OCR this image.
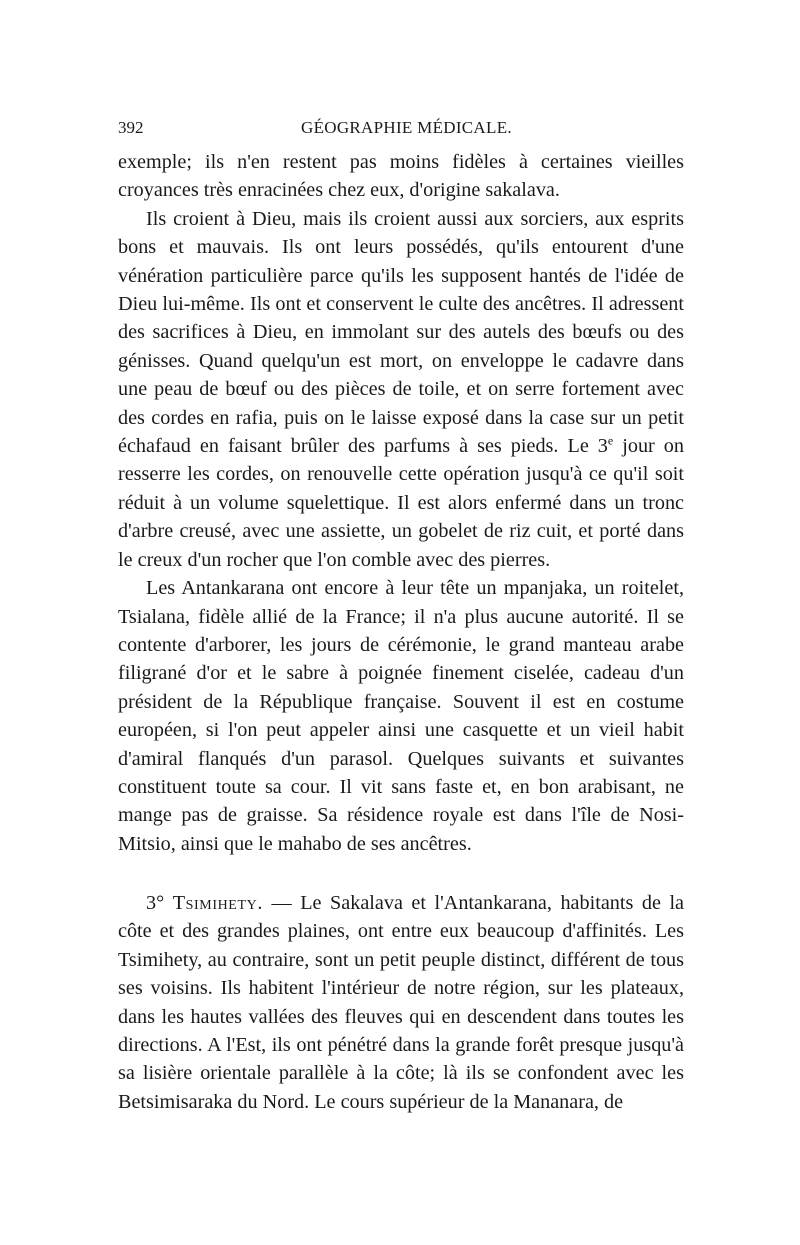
392	GÉOGRAPHIE MÉDICALE.

exemple; ils n'en restent pas moins fidèles à certaines vieilles croyances très enracinées chez eux, d'origine sakalava.

Ils croient à Dieu, mais ils croient aussi aux sorciers, aux esprits bons et mauvais. Ils ont leurs possédés, qu'ils entourent d'une vénération particulière parce qu'ils les supposent hantés de l'idée de Dieu lui-même. Ils ont et conservent le culte des ancêtres. Il adressent des sacrifices à Dieu, en immolant sur des autels des bœufs ou des génisses. Quand quelqu'un est mort, on enveloppe le cadavre dans une peau de bœuf ou des pièces de toile, et on serre fortement avec des cordes en rafia, puis on le laisse exposé dans la case sur un petit échafaud en faisant brûler des parfums à ses pieds. Le 3e jour on resserre les cordes, on renouvelle cette opération jusqu'à ce qu'il soit réduit à un volume squelettique. Il est alors enfermé dans un tronc d'arbre creusé, avec une assiette, un gobelet de riz cuit, et porté dans le creux d'un rocher que l'on comble avec des pierres.

Les Antankarana ont encore à leur tête un mpanjaka, un roitelet, Tsialana, fidèle allié de la France; il n'a plus aucune autorité. Il se contente d'arborer, les jours de cérémonie, le grand manteau arabe filigrané d'or et le sabre à poignée finement ciselée, cadeau d'un président de la République française. Souvent il est en costume européen, si l'on peut appeler ainsi une casquette et un vieil habit d'amiral flanqués d'un parasol. Quelques suivants et suivantes constituent toute sa cour. Il vit sans faste et, en bon arabisant, ne mange pas de graisse. Sa résidence royale est dans l'île de Nosi-Mitsio, ainsi que le mahabo de ses ancêtres.

3° Tsimihety. — Le Sakalava et l'Antankarana, habitants de la côte et des grandes plaines, ont entre eux beaucoup d'affinités. Les Tsimihety, au contraire, sont un petit peuple distinct, différent de tous ses voisins. Ils habitent l'intérieur de notre région, sur les plateaux, dans les hautes vallées des fleuves qui en descendent dans toutes les directions. A l'Est, ils ont pénétré dans la grande forêt presque jusqu'à sa lisière orientale parallèle à la côte; là ils se confondent avec les Betsimisaraka du Nord. Le cours supérieur de la Mananara, de
